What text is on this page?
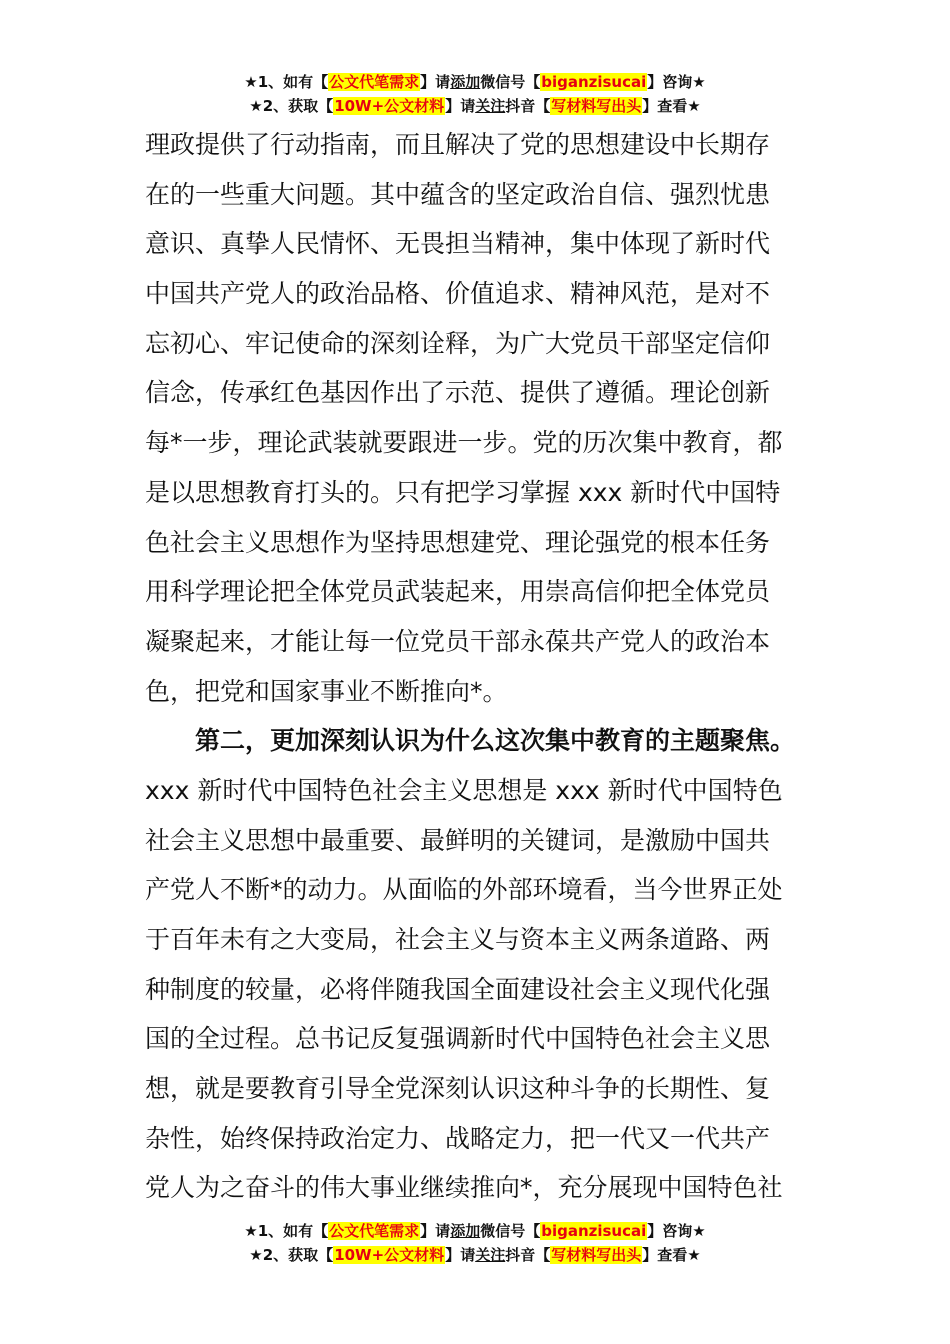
★1、如有【公文代笔需求】请添加微信号【biganzisucai】咨询★
★2、获取【10W+公文材料】请关注抖音【写材料写出头】查看★
理政提供了行动指南，而且解决了党的思想建设中长期存
在的一些重大问题。其中蕴含的坚定政治自信、强烈忧患
意识、真挚人民情怀、无畏担当精神，集中体现了新时代
中国共产党人的政治品格、价值追求、精神风范，是对不
忘初心、牢记使命的深刻诠释，为广大党员干部坚定信仰
信念，传承红色基因作出了示范、提供了遵循。理论创新
每*一步，理论武装就要跟进一步。党的历次集中教育，都
是以思想教育打头的。只有把学习掌握 xxx 新时代中国特
色社会主义思想作为坚持思想建党、理论强党的根本任务
用科学理论把全体党员武装起来，用崇高信仰把全体党员
凝聚起来，才能让每一位党员干部永葆共产党人的政治本
色，把党和国家事业不断推向*。
第二，更加深刻认识为什么这次集中教育的主题聚焦。
xxx 新时代中国特色社会主义思想是 xxx 新时代中国特色
社会主义思想中最重要、最鲜明的关键词，是激励中国共
产党人不断*的动力。从面临的外部环境看，当今世界正处
于百年未有之大变局，社会主义与资本主义两条道路、两
种制度的较量，必将伴随我国全面建设社会主义现代化强
国的全过程。总书记反复强调新时代中国特色社会主义思
想，就是要教育引导全党深刻认识这种斗争的长期性、复
杂性，始终保持政治定力、战略定力，把一代又一代共产
党人为之奋斗的伟大事业继续推向*，充分展现中国特色社
★1、如有【公文代笔需求】请添加微信号【biganzisucai】咨询★
★2、获取【10W+公文材料】请关注抖音【写材料写出头】查看★
